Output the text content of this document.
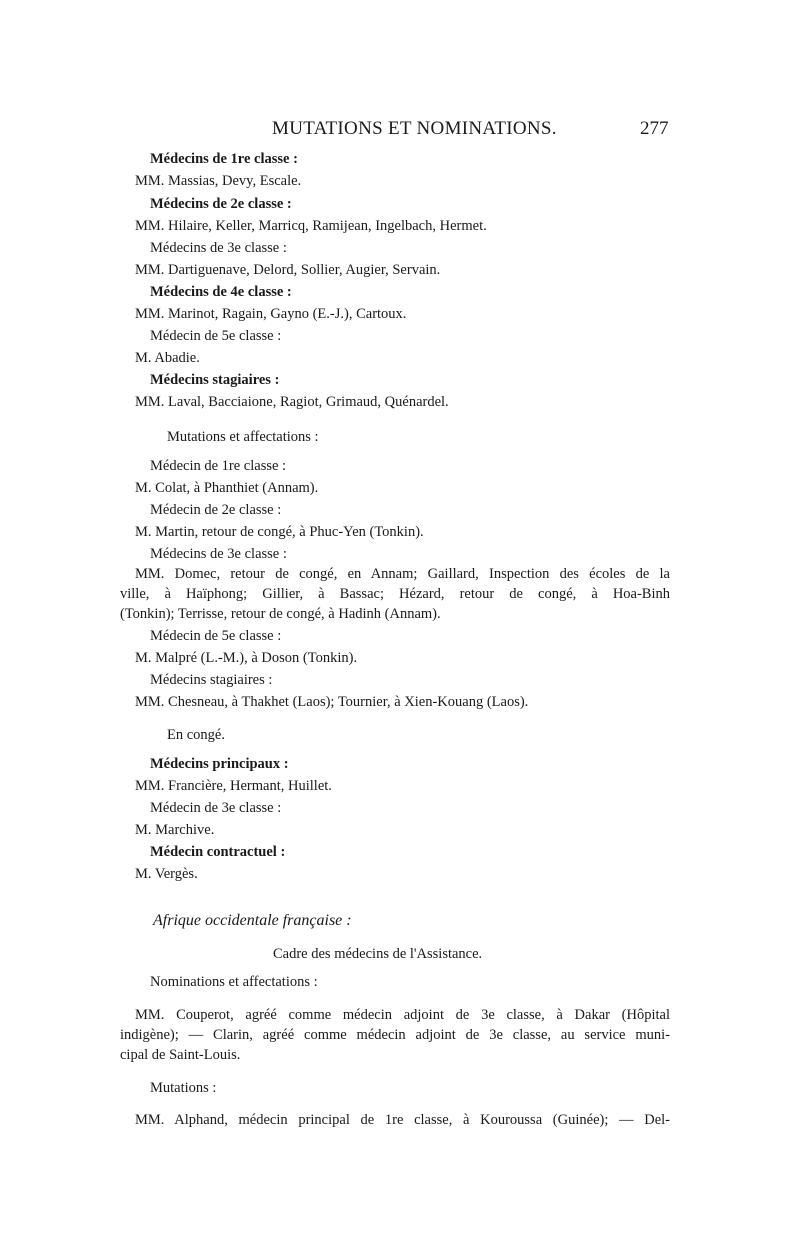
MUTATIONS ET NOMINATIONS.	277
Médecins de 1re classe :
MM. Massias, Devy, Escale.
Médecins de 2e classe :
MM. Hilaire, Keller, Marricq, Ramijean, Ingelbach, Hermet.
Médecins de 3e classe :
MM. Dartiguenave, Delord, Sollier, Augier, Servain.
Médecins de 4e classe :
MM. Marinot, Ragain, Gayno (E.-J.), Cartoux.
Médecin de 5e classe :
M. Abadie.
Médecins stagiaires :
MM. Laval, Bacciaione, Ragiot, Grimaud, Quénardel.
Mutations et affectations :
Médecin de 1re classe :
M. Colat, à Phanthiet (Annam).
Médecin de 2e classe :
M. Martin, retour de congé, à Phuc-Yen (Tonkin).
Médecins de 3e classe :
MM. Domec, retour de congé, en Annam; Gaillard, Inspection des écoles de la
ville, à Haïphong; Gillier, à Bassac; Hézard, retour de congé, à Hoa-Binh
(Tonkin); Terrisse, retour de congé, à Hadinh (Annam).
Médecin de 5e classe :
M. Malpré (L.-M.), à Doson (Tonkin).
Médecins stagiaires :
MM. Chesneau, à Thakhet (Laos); Tournier, à Xien-Kouang (Laos).
En congé.
Médecins principaux :
MM. Francière, Hermant, Huillet.
Médecin de 3e classe :
M. Marchive.
Médecin contractuel :
M. Vergès.
Afrique occidentale française :
Cadre des médecins de l'Assistance.
Nominations et affectations :
MM. Couperot, agréé comme médecin adjoint de 3e classe, à Dakar (Hôpital
indigène); — Clarin, agréé comme médecin adjoint de 3e classe, au service muni-
cipal de Saint-Louis.
Mutations :
MM. Alphand, médecin principal de 1re classe, à Kouroussa (Guinée); — Del-
